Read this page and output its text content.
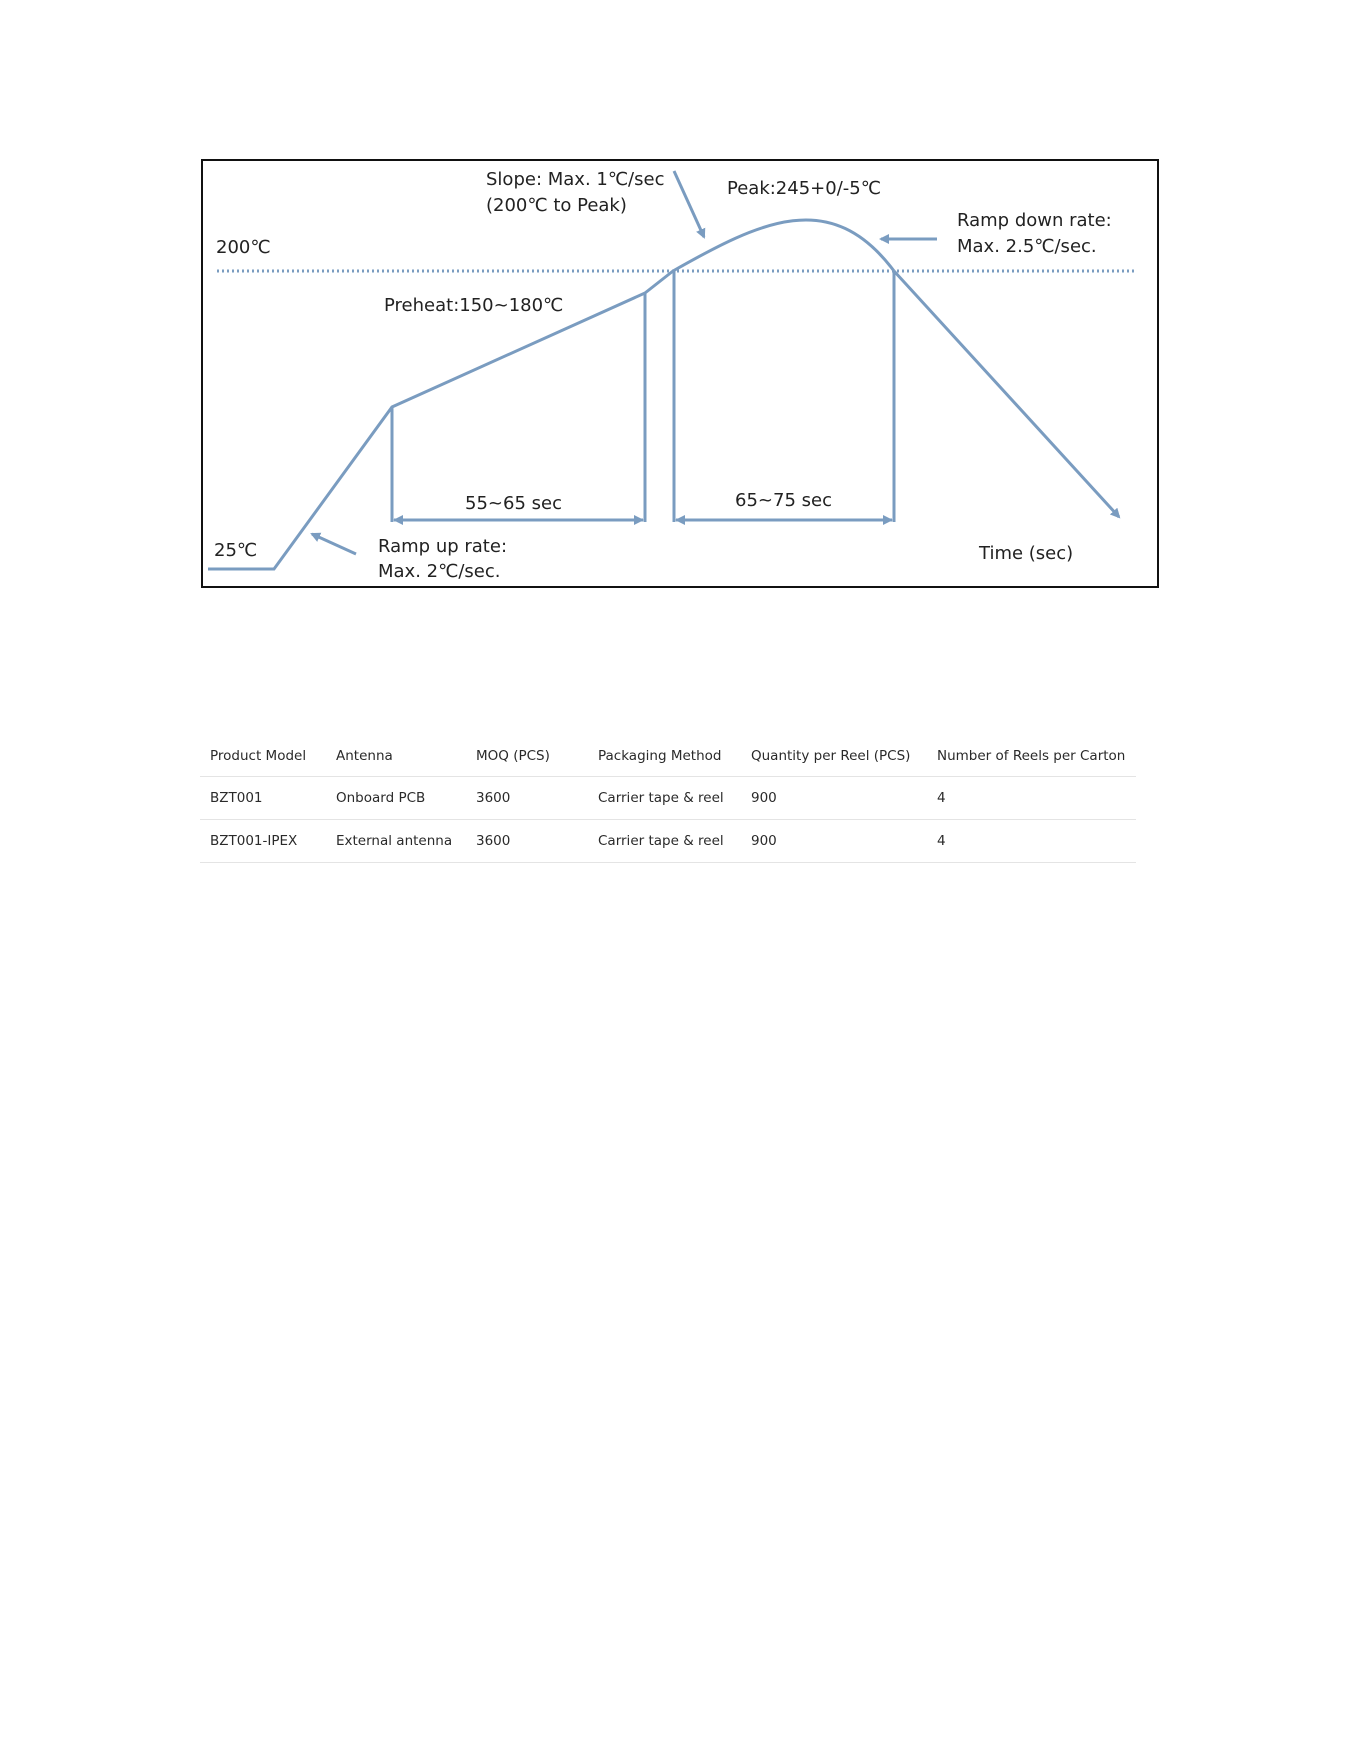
200℃
25℃
Slope: Max. 1℃/sec
(200℃ to Peak)
Peak:245+0/-5℃
Ramp down rate:
Max. 2.5℃/sec.
Preheat:150~180℃
55~65 sec	65~75 sec
Ramp up rate:
Max. 2℃/sec.
Time (sec)
Product Model	Antenna	MOQ (PCS)	Packaging Method	Quantity per Reel (PCS)	Number of Reels per Carton
BZT001	Onboard PCB	3600	Carrier tape & reel	900	4
BZT001-IPEX	External antenna	3600	Carrier tape & reel	900	4
